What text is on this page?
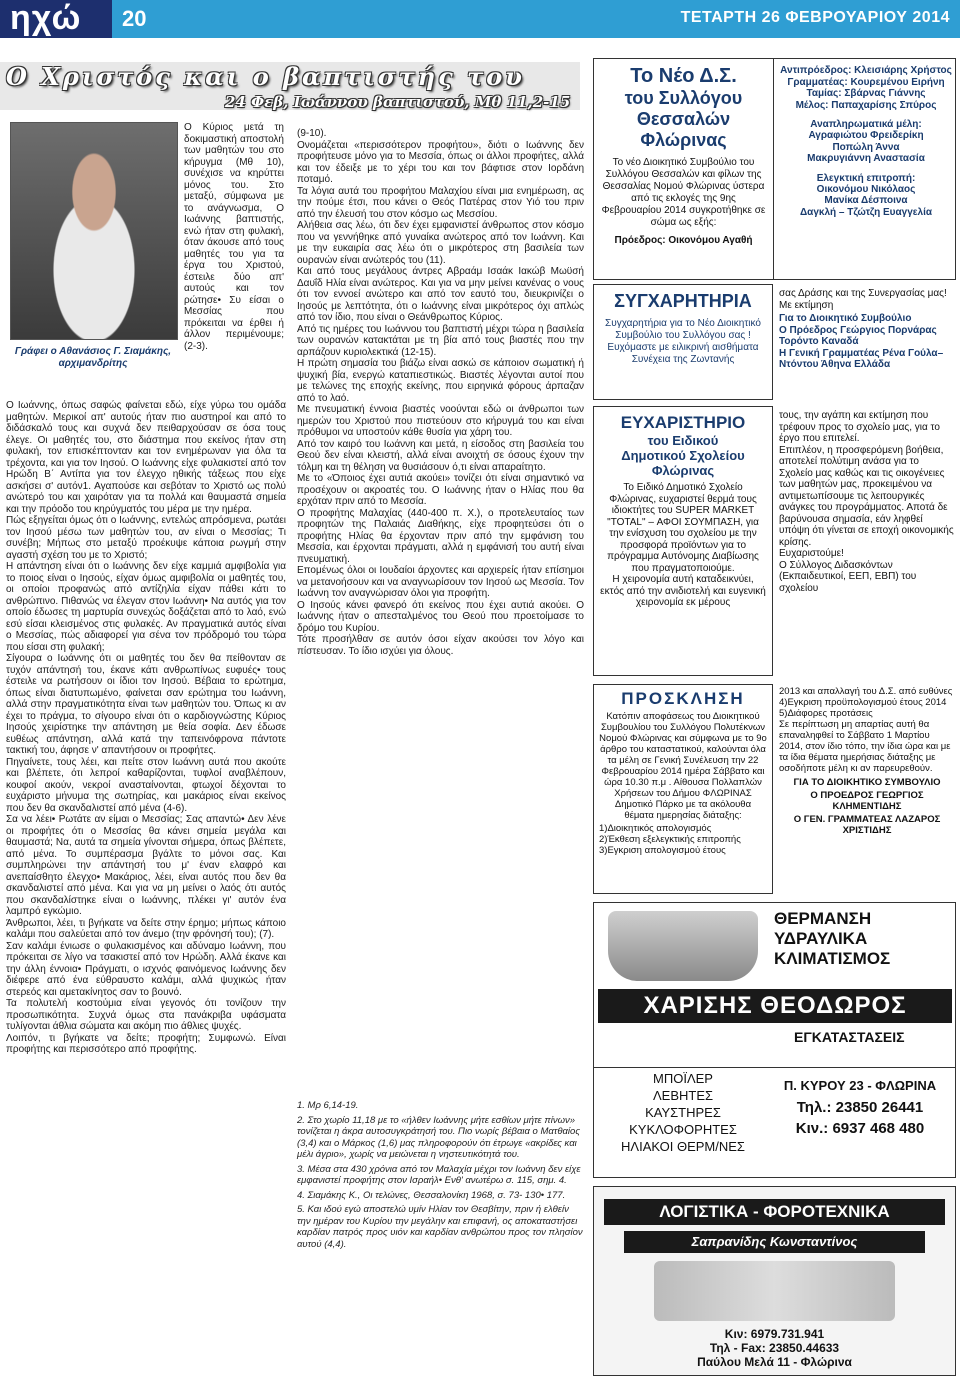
ηχώ	20	ΤΕΤΑΡΤΗ 26 ΦΕΒΡΟΥΑΡΙΟΥ 2014
Ο Χριστός και ο βαπτιστής του
24 Φεβ, Ιωάννου βαπτιστού, Μθ 11,2-15
Γράφει ο Αθανάσιος Γ. Σιαμάκης, αρχιμανδρίτης
Ο Κύριος μετά τη δοκιμαστική αποστολή των μαθητών του στο κήρυγμα (Μθ 10), συνέχισε να κηρύττει μόνος του. Στο μεταξύ, σύμφωνα με το ανάγνωσμα, Ο Ιωάννης βαπτιστής, ενώ ήταν στη φυλακή, όταν άκουσε από τους μαθητές του για τα έργα του Χριστού, έστειλε δύο απ' αυτούς και τον ρώτησε• Συ είσαι ο Μεσσίας που πρόκειται να έρθει ή άλλον περιμένουμε; (2-3).
Ο Ιωάννης, όπως σαφώς φαίνεται εδώ, είχε γύρω του ομάδα μαθητών. Μερικοί απ' αυτούς ήταν πιο αυστηροί και από το διδάσκαλό τους και συχνά δεν πειθαρχούσαν σε όσα τους έλεγε. Οι μαθητές του, στο διάστημα που εκείνος ήταν στη φυλακή, τον επισκέπτονταν και τον ενημέρωναν για όλα τα τρέχοντα, και για τον Ιησού. Ο Ιωάννης είχε φυλακιστεί από τον Ηρώδη Β΄ Αντίπα για τον έλεγχο ηθικής τάξεως που είχε ασκήσει σ' αυτόν1. Αγαπούσε και σεβόταν το Χριστό ως πολύ ανώτερό του και χαιρόταν για τα πολλά και θαυμαστά σημεία και την πρόοδο του κηρύγματός του μέρα με την ημέρα.
Πώς εξηγείται όμως ότι ο Ιωάννης, εντελώς απρόσμενα, ρωτάει τον Ιησού μέσω των μαθητών του, αν είναι ο Μεσσίας; Τι συνέβη; Μήπως στο μεταξύ προέκυψε κάποια ρωγμή στην αγαστή σχέση του με το Χριστό;
Η απάντηση είναι ότι ο Ιωάννης δεν είχε καμμιά αμφιβολία για το ποιος είναι ο Ιησούς, είχαν όμως αμφιβολία οι μαθητές του, οι οποίοι προφανώς από αντίζηλία είχαν πάθει κάτι το ανθρώπινο. Πιθανώς να έλεγαν στον Ιωάννη• Να αυτός για τον οποίο έδωσες τη μαρτυρία συνεχώς δοξάζεται από το λαό, ενώ εσύ είσαι κλεισμένος στις φυλακές. Αν πραγματικά αυτός είναι ο Μεσσίας, πώς αδιαφορεί για σένα τον πρόδρομό του τώρα που είσαι στη φυλακή;
Σίγουρα ο Ιωάννης ότι οι μαθητές του δεν θα πείθονταν σε τυχόν απάντησή του, έκανε κάτι ανθρωπίνως ευφυές• τους έστειλε να ρωτήσουν οι ίδιοι τον Ιησού. Βέβαια το ερώτημα, όπως είναι διατυπωμένο, φαίνεται σαν ερώτημα του Ιωάννη, αλλά στην πραγματικότητα είναι των μαθητών του. Όπως κι αν έχει το πράγμα, το σίγουρο είναι ότι ο καρδιογνώστης Κύριος Ιησούς χειρίστηκε την απάντηση με θεία σοφία. Δεν έδωσε ευθέως απάντηση, αλλά κατά την ταπεινόφρονα πάντοτε τακτική του, άφησε ν' απαντήσουν οι προφήτες.
Πηγαίνετε, τους λέει, και πείτε στον Ιωάννη αυτά που ακούτε και βλέπετε, ότι λεπροί καθαρίζονται, τυφλοί αναβλέπουν, κουφοί ακούν, νεκροί ανασταίνονται, φτωχοί δέχονται το ευχάριστο μήνυμα της σωτηρίας, και μακάριος είναι εκείνος που δεν θα σκανδαλιστεί από μένα (4-6).
Σα να λέει• Ρωτάτε αν είμαι ο Μεσσίας; Σας απαντώ• Δεν λένε οι προφήτες ότι ο Μεσσίας θα κάνει σημεία μεγάλα και θαυμαστά; Να, αυτά τα σημεία γίνονται σήμερα, όπως βλέπετε, από μένα. Το συμπέρασμα βγάλτε το μόνοι σας. Και συμπληρώνει την απάντησή του μ' έναν ελαφρό και ανεπαίσθητο έλεγχο• Μακάριος, λέει, είναι αυτός που δεν θα σκανδαλιστεί από μένα. Και για να μη μείνει ο λαός ότι αυτός που σκανδαλίστηκε είναι ο Ιωάννης, πλέκει γι' αυτόν ένα λαμπρό εγκώμιο.
Άνθρωποι, λέει, τι βγήκατε να δείτε στην έρημο; μήπως κάποιο καλάμι που σαλεύεται από τον άνεμο (την φρόνησή του); (7).
Σαν καλάμι ένιωσε ο φυλακισμένος και αδύναμο Ιωάννη, που πρόκειται σε λίγο να τσακιστεί από τον Ηρώδη. Αλλά έκανε και την άλλη έννοια• Πράγματι, ο ισχνός φαινόμενος Ιωάννης δεν διέφερε από ένα εύθραυστο καλάμι, αλλά ψυχικώς ήταν στερεός και αμετακίνητος σαν το βουνό.
Τα πολυτελή κοστούμια είναι γεγονός ότι τονίζουν την προσωπικότητα. Συχνά όμως στα πανάκριβα υφάσματα τυλίγονται άθλια σώματα και ακόμη πιο άθλιες ψυχές.
Λοιπόν, τι βγήκατε να δείτε; προφήτη; Συμφωνώ. Είναι προφήτης και περισσότερο από προφήτης.
(9-10).
Ονομάζεται «περισσότερον προφήτου», διότι ο Ιωάννης δεν προφήτευσε μόνο για το Μεσσία, όπως οι άλλοι προφήτες, αλλά και τον έδειξε με το χέρι του και τον βάφτισε στον Ιορδάνη ποταμό.
Τα λόγια αυτά του προφήτου Μαλαχίου είναι μια ενημέρωση, ας την πούμε έτσι, που κάνει ο Θεός Πατέρας στον Υιό του πριν από την έλευσή του στον κόσμο ως Μεσσίου.
Αλήθεια σας λέω, ότι δεν έχει εμφανιστεί άνθρωπος στον κόσμο που να γεννήθηκε από γυναίκα ανώτερος από τον Ιωάννη. Και με την ευκαιρία σας λέω ότι ο μικρότερος στη βασιλεία των ουρανών είναι ανώτερός του (11).
Και από τους μεγάλους άντρες Αβραάμ Ισαάκ Ιακώβ Μωϋσή Δαυΐδ Ηλία είναι ανώτερος. Και για να μην μείνει κανένας ο νους ότι τον εννοεί ανώτερο και από τον εαυτό του, διευκρινίζει ο Ιησούς με λεπτότητα, ότι ο Ιωάννης είναι μικρότερος όχι απλώς από τον ίδιο, που είναι ο Θεάνθρωπος Κύριος.
Από τις ημέρες του Ιωάννου του βαπτιστή μέχρι τώρα η βασιλεία των ουρανών κατακτάται με τη βία από τους βιαστές που την αρπάζουν κυριολεκτικά (12-15).
Η πρώτη σημασία του βιάζω είναι ασκώ σε κάποιον σωματική ή ψυχική βία, ενεργώ καταπιεστικώς. Βιαστές λέγονται αυτοί που με τελώνες της εποχής εκείνης, που ειρηνικά φόρους άρπαζαν από το λαό.
Με πνευματική έννοια βιαστές νοούνται εδώ οι άνθρωποι των ημερών του Χριστού που πιστεύουν στο κήρυγμά του και είναι πρόθυμοι να υποστούν κάθε θυσία για χάρη του.
Από τον καιρό του Ιωάννη και μετά, η είσοδος στη βασιλεία του Θεού δεν είναι κλειστή, αλλά είναι ανοιχτή σε όσους έχουν την τόλμη και τη θέληση να θυσιάσουν ό,τι είναι απαραίτητο.
Με το «Όποιος έχει αυτιά ακούει» τονίζει ότι είναι σημαντικό να προσέχουν οι ακροατές του. Ο Ιωάννης ήταν ο Ηλίας που θα ερχόταν πριν από το Μεσσία.
Ο προφήτης Μαλαχίας (440-400 π. Χ.), ο προτελευταίος των προφητών της Παλαιάς Διαθήκης, είχε προφητεύσει ότι ο προφήτης Ηλίας θα έρχονταν πριν από την εμφάνιση του Μεσσία, και έρχονται πράγματι, αλλά η εμφάνισή του αυτή είναι πνευματική.
Επομένως όλοι οι Ιουδαίοι άρχοντες και αρχιερείς ήταν επίσημοι να μετανοήσουν και να αναγνωρίσουν τον Ιησού ως Μεσσία. Τον Ιωάννη τον αναγνώρισαν όλοι για προφήτη.
Ο Ιησούς κάνει φανερό ότι εκείνος που έχει αυτιά ακούει. Ο Ιωάννης ήταν ο απεσταλμένος του Θεού που προετοίμασε το δρόμο του Κυρίου.
Τότε προσήλθαν σε αυτόν όσοι είχαν ακούσει τον λόγο και πίστευσαν. Το ίδιο ισχύει για όλους.

1. Μρ 6,14-19.

2. Στο χωρίο 11,18 με το «ήλθεν Ιωάννης μήτε εσθίων μήτε πίνων» τονίζεται η άκρα αυτοσυγκράτησή του. Πιο νωρίς βέβαια ο Ματθαίος (3,4) και ο Μάρκος (1,6) μας πληροφορούν ότι έτρωγε «ακρίδες και μέλι άγριο», χωρίς να μειώνεται η νηστευτικότητά του.

3. Μέσα στα 430 χρόνια από τον Μαλαχία μέχρι τον Ιωάννη δεν είχε εμφανιστεί προφήτης στον Ισραήλ• Ενθ' ανωτέρω σ. 115, σημ. 4.

4. Σιαμάκης Κ., Οι τελώνες, Θεσσαλονίκη 1968, σ. 73- 130• 177.

5. Και ιδού εγώ αποστελώ υμίν Ηλίαν τον Θεσβίτην, πριν ή ελθείν την ημέραν του Κυρίου την μεγάλην και επιφανή, ος αποκαταστήσει καρδίαν πατρός προς υιόν και καρδίαν ανθρώπου προς τον πλησίον αυτού (4,4).

Το Νέο Δ.Σ.
του Συλλόγου
Θεσσαλών
Φλώρινας
Το νέο Διοικητικό Συμβούλιο του Συλλόγου Θεσσαλών και φίλων της Θεσσαλίας Νομού Φλώρινας ύστερα από τις εκλογές της 9ης Φεβρουαρίου 2014 συγκροτήθηκε σε σώμα ως εξής:
Πρόεδρος: Οικονόμου Αγαθή
Αντιπρόεδρος: Κλεισιάρης Χρήστος
Γραμματέας: Κουρεμένου Ειρήνη
Ταμίας: Σβάρνας Γιάννης
Μέλος: Παπαχαρίσης Σπύρος
Αναπληρωματικά μέλη:
Αγραφιώτου Φρειδερίκη
Ποπώλη Άννα
Μακρυγιάννη Αναστασία
Ελεγκτική επιτροπή:
Οικονόμου Νικόλαος
Μανίκα Δέσποινα
Δαγκλή – Τζώτζη Ευαγγελία
ΣΥΓΧΑΡΗΤΗΡΙΑ
Συγχαρητήρια για το Νέο Διοικητικό Συμβούλιο του Συλλόγου σας ! Ευχόμαστε με ειλικρινή αισθήματα Συνέχεια της Ζωντανής
σας Δράσης και της Συνεργασίας μας!
Με εκτίμηση
Για το Διοικητικό Συμβούλιο
Ο Πρόεδρος Γεώργιος Πορνάρας Τορόντο Καναδά
Η Γενική Γραμματέας Ρένα Γούλα–Ντόντου Άθηνα Ελλάδα
ΕΥΧΑΡΙΣΤΗΡΙΟ
του Ειδικού
Δημοτικού Σχολείου
Φλώρινας
Το Ειδικό Δημοτικό Σχολείο Φλώρινας, ευχαριστεί θερμά τους ιδιοκτήτες του SUPER MARKET "TOTAL" – ΑΦΟΙ ΣΟΥΜΠΑΣΗ, για την ενίσχυση του σχολείου με την προσφορά προϊόντων για το πρόγραμμα Αυτόνομης Διαβίωσης που πραγματοποιούμε.
Η χειρονομία αυτή καταδεικνύει, εκτός από την ανιδιοτελή και ευγενική χειρονομία εκ μέρους
τους, την αγάπη και εκτίμηση που τρέφουν προς το σχολείο μας, για το έργο που επιτελεί.
Επιπλέον, η προσφερόμενη βοήθεια, αποτελεί πολύτιμη ανάσα για το Σχολείο μας καθώς και τις οικογένειες των μαθητών μας, προκειμένου να αντιμετωπίσουμε τις λειτουργικές ανάγκες του προγράμματος. Αποτά δε βαρύνουσα σημασία, εάν ληφθεί υπόψη ότι γίνεται σε εποχή οικονομικής κρίσης.
Ευχαριστούμε!
Ο Σύλλογος Διδασκόντων (Εκπαιδευτικοί, ΕΕΠ, ΕΒΠ) του σχολείου
ΠΡΟΣΚΛΗΣΗ
Κατόπιν αποφάσεως του Διοικητικού Συμβουλίου του Συλλόγου Πολυτέκνων Νομού Φλώρινας και σύμφωνα με το 9ο άρθρο του καταστατικού, καλούνται όλα τα μέλη σε Γενική Συνέλευση την 22 Φεβρουαρίου 2014 ημέρα Σάββατο και ώρα 10.30 π.μ . Αίθουσα Πολλαπλών Χρήσεων του Δήμου ΦΛΩΡΙΝΑΣ Δημοτικό Πάρκο με τα ακόλουθα θέματα ημερησίας διάταξης:
1)Διοικητικός απολογισμός
2)Έκθεση εξελεγκτικής επιτροπής
3)Εγκριση απολογισμού έτους
2013 και απαλλαγή του Δ.Σ. από ευθύνες
4)Εγκριση προϋπολογισμού έτους 2014
5)Διάφορες προτάσεις
Σε περίπτωση μη απαρτίας αυτή θα επαναληφθεί το Σάββατο 1 Μαρτίου 2014, στον ίδιο τόπο, την ίδια ώρα και με τα ίδια θέματα ημερήσιας διάταξης με οσοδήποτε μέλη κι αν παρευρεθούν.
ΓΙΑ ΤΟ ΔΙΟΙΚΗΤΙΚΟ ΣΥΜΒΟΥΛΙΟ
Ο ΠΡΟΕΔΡΟΣ ΓΕΩΡΓΙΟΣ ΚΛΗΜΕΝΤΙΔΗΣ
Ο ΓΕΝ. ΓΡΑΜΜΑΤΕΑΣ ΛΑΖΑΡΟΣ ΧΡΙΣΤΙΔΗΣ
ΘΕΡΜΑΝΣΗ
ΥΔΡΑΥΛΙΚΑ
ΚΛΙΜΑΤΙΣΜΟΣ
ΧΑΡΙΣΗΣ ΘΕΟΔΩΡΟΣ
ΕΓΚΑΤΑΣΤΑΣΕΙΣ
ΜΠΟΪΛΕΡ
ΛΕΒΗΤΕΣ
ΚΑΥΣΤΗΡΕΣ
ΚΥΚΛΟΦΟΡΗΤΕΣ
ΗΛΙΑΚΟΙ ΘΕΡΜ/ΝΕΣ
Π. ΚΥΡΟΥ 23 - ΦΛΩΡΙΝΑ
Τηλ.: 23850 26441
Κιν.: 6937 468 480
ΛΟΓΙΣΤΙΚΑ - ΦΟΡΟΤΕΧΝΙΚΑ
Σαπρανίδης Κωνσταντίνος
Κιν: 6979.731.941
Τηλ - Fax: 23850.44633
Παύλου Μελά 11 - Φλώρινα
